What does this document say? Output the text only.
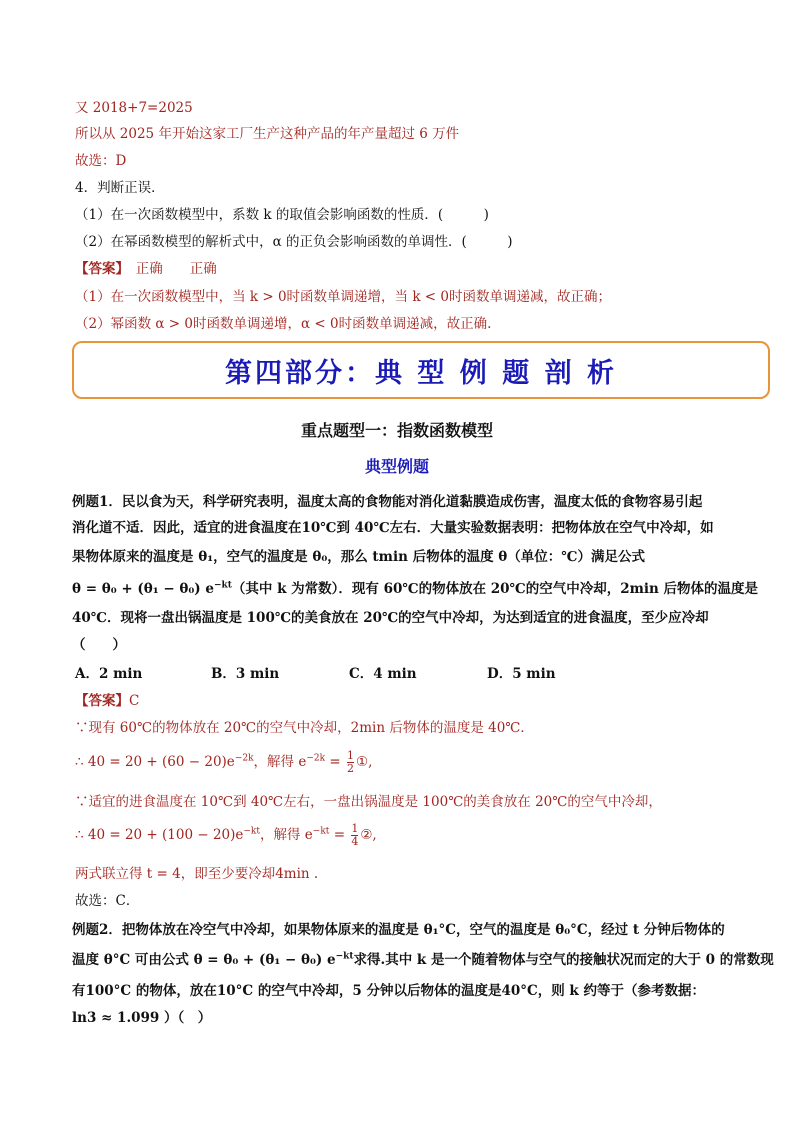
又 2018+7=2025
所以从 2025 年开始这家工厂生产这种产品的年产量超过 6 万件
故选：D
4．判断正误．
（1）在一次函数模型中，系数 k 的取值会影响函数的性质．(　　　)
（2）在幂函数模型的解析式中，α 的正负会影响函数的单调性．(　　　)
【答案】　正确　　正确
（1）在一次函数模型中，当 k > 0时函数单调递增，当 k < 0时函数单调递减，故正确；
（2）幂函数 α > 0时函数单调递增，α < 0时函数单调递减，故正确.
第四部分：典 型 例 题 剖 析
重点题型一：指数函数模型
典型例题
例题1．民以食为天，科学研究表明，温度太高的食物能对消化道黏膜造成伤害，温度太低的食物容易引起
消化道不适．因此，适宜的进食温度在10℃到 40℃左右．大量实验数据表明：把物体放在空气中冷却，如
果物体原来的温度是 θ₁，空气的温度是 θ₀，那么 tmin 后物体的温度 θ（单位：℃）满足公式
θ = θ₀ + (θ₁ − θ₀) $e^{-kt}$（其中 k 为常数）．现有 60℃的物体放在 20℃的空气中冷却，2min 后物体的温度是
40℃．现将一盘出锅温度是 100℃的美食放在 20℃的空气中冷却，为达到适宜的进食温度，至少应冷却
（　　）
A．2 min	B．3 min	C．4 min	D．5 min
【答案】C
∵现有 60℃的物体放在 20℃的空气中冷却，2min 后物体的温度是 40℃．
∴ $40 = 20 + (60 - 20)e^{-2k}$，解得 $e^{-2k} = \frac{1}{2}$ ①,
∵适宜的进食温度在 10℃到 40℃左右，一盘出锅温度是 100℃的美食放在 20℃的空气中冷却，
∴ $40 = 20 + (100 - 20)e^{-kt}$，解得 $e^{-kt} = \frac{1}{4}$ ②,
两式联立得 t = 4，即至少要冷却4min .
故选：C．
例题2．把物体放在冷空气中冷却，如果物体原来的温度是 θ₁°C，空气的温度是 θ₀°C，经过 t 分钟后物体的
温度 θ°C 可由公式 θ = θ₀ + (θ₁ − θ₀) $e^{-kt}$求得.其中 k 是一个随着物体与空气的接触状况而定的大于 0 的常数现
有100°C 的物体，放在10°C 的空气中冷却，5 分钟以后物体的温度是40°C，则 k 约等于（参考数据：
ln3 ≈ 1.099 ）（　）
